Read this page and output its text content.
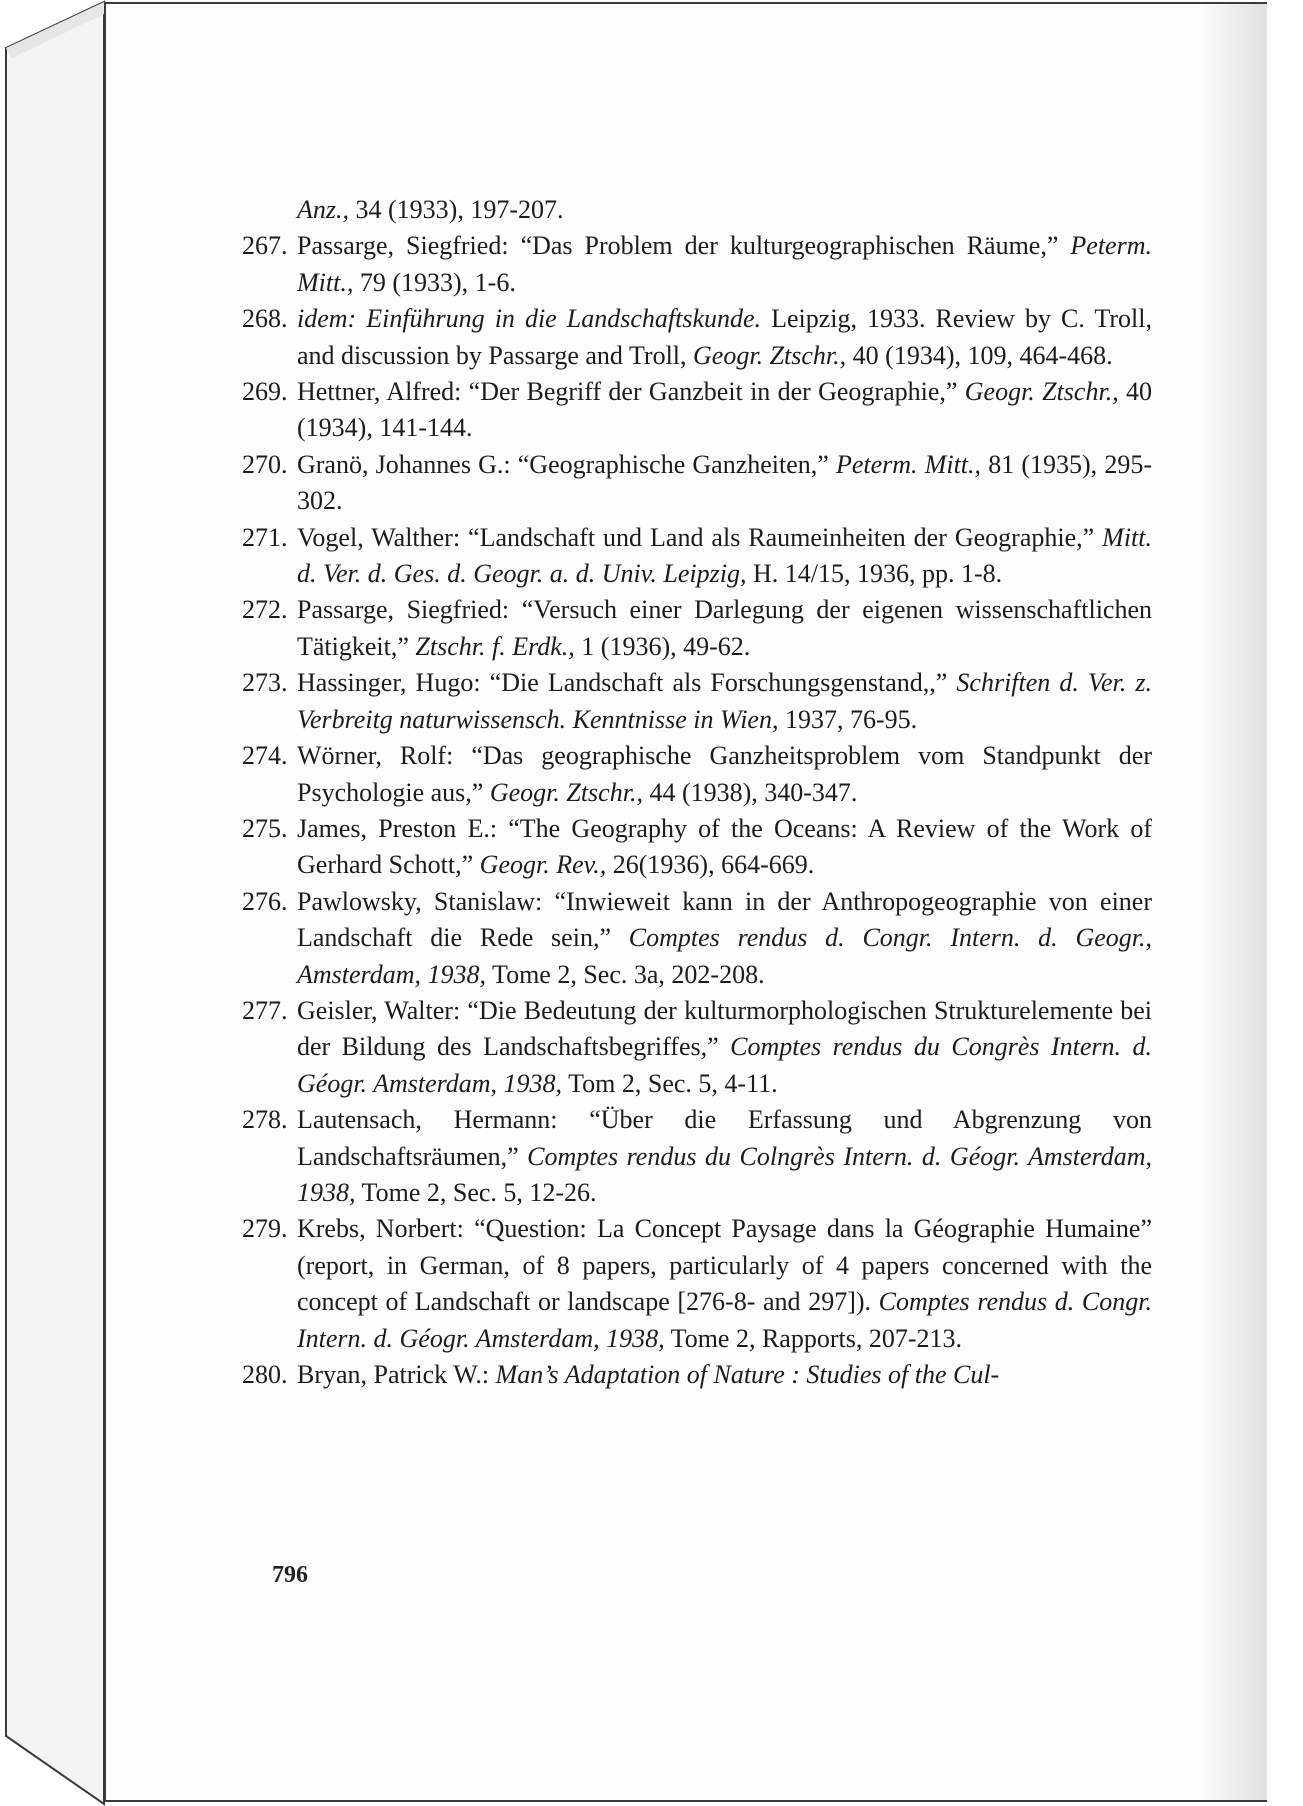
Anz., 34 (1933), 197-207.
267. Passarge, Siegfried: “Das Problem der kulturgeographischen Räume,” Peterm. Mitt., 79 (1933), 1-6.
268. idem: Einführung in die Landschaftskunde. Leipzig, 1933. Review by C. Troll, and discussion by Passarge and Troll, Geogr. Ztschr., 40 (1934), 109, 464-468.
269. Hettner, Alfred: “Der Begriff der Ganzbeit in der Geographie,” Geogr. Ztschr., 40 (1934), 141-144.
270. Granö, Johannes G.: “Geographische Ganzheiten,” Peterm. Mitt., 81 (1935), 295-302.
271. Vogel, Walther: “Landschaft und Land als Raumeinheiten der Geographie,” Mitt. d. Ver. d. Ges. d. Geogr. a. d. Univ. Leipzig, H. 14/15, 1936, pp. 1-8.
272. Passarge, Siegfried: “Versuch einer Darlegung der eigenen wissenschaftlichen Tätigkeit,” Ztschr. f. Erdk., 1 (1936), 49-62.
273. Hassinger, Hugo: “Die Landschaft als Forschungsgenstand,,” Schriften d. Ver. z. Verbreitg naturwissensch. Kenntnisse in Wien, 1937, 76-95.
274. Wörner, Rolf: “Das geographische Ganzheitsproblem vom Standpunkt der Psychologie aus,” Geogr. Ztschr., 44 (1938), 340-347.
275. James, Preston E.: “The Geography of the Oceans: A Review of the Work of Gerhard Schott,” Geogr. Rev., 26(1936), 664-669.
276. Pawlowsky, Stanislaw: “Inwieweit kann in der Anthropogeographie von einer Landschaft die Rede sein,” Comptes rendus d. Congr. Intern. d. Geogr., Amsterdam, 1938, Tome 2, Sec. 3a, 202-208.
277. Geisler, Walter: “Die Bedeutung der kulturmorphologischen Strukturelemente bei der Bildung des Landschaftsbegriffes,” Comptes rendus du Congrès Intern. d. Géogr. Amsterdam, 1938, Tom 2, Sec. 5, 4-11.
278. Lautensach, Hermann: “Über die Erfassung und Abgrenzung von Landschaftsräumen,” Comptes rendus du Colngrès Intern. d. Géogr. Amsterdam, 1938, Tome 2, Sec. 5, 12-26.
279. Krebs, Norbert: “Question: La Concept Paysage dans la Géographie Humaine” (report, in German, of 8 papers, particularly of 4 papers concerned with the concept of Landschaft or landscape [276-8- and 297]). Comptes rendus d. Congr. Intern. d. Géogr. Amsterdam, 1938, Tome 2, Rapports, 207-213.
280. Bryan, Patrick W.: Man’s Adaptation of Nature : Studies of the Cul-
796
